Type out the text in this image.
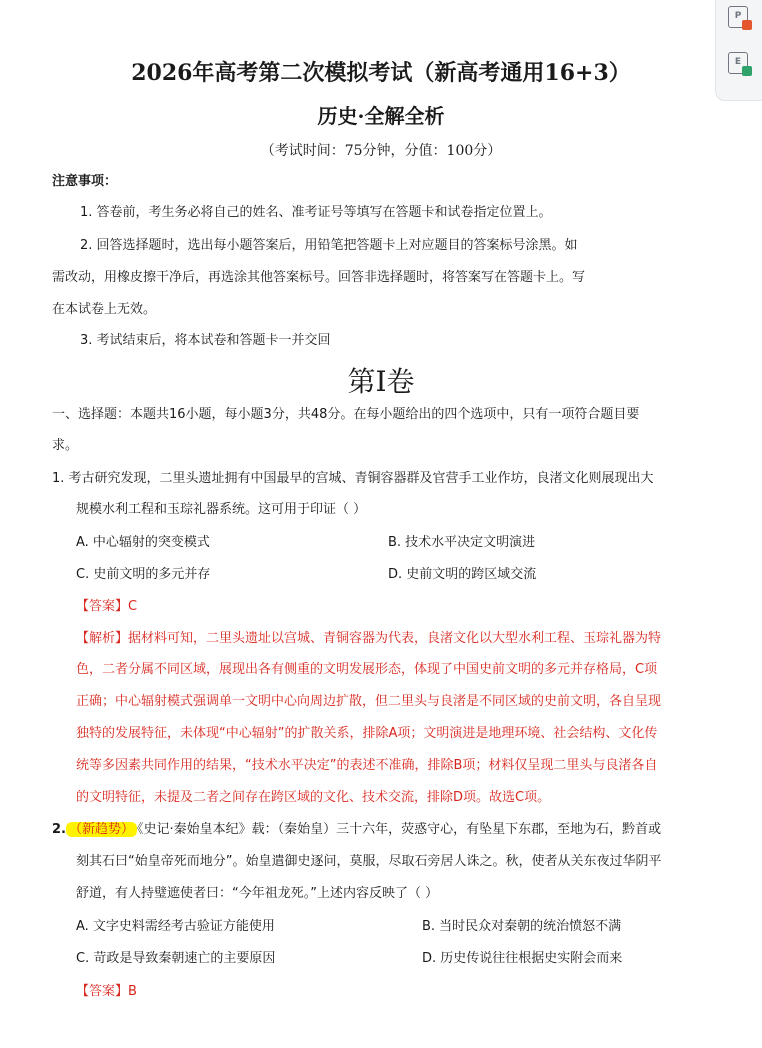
P
E
2026年高考第二次模拟考试（新高考通用16+3）
历史·全解全析
（考试时间：75分钟，分值：100分）
注意事项：
1. 答卷前，考生务必将自己的姓名、准考证号等填写在答题卡和试卷指定位置上。
2. 回答选择题时，选出每小题答案后，用铅笔把答题卡上对应题目的答案标号涂黑。如
需改动，用橡皮擦干净后，再选涂其他答案标号。回答非选择题时，将答案写在答题卡上。写
在本试卷上无效。
3. 考试结束后，将本试卷和答题卡一并交回
第Ⅰ卷
一、选择题：本题共16小题，每小题3分，共48分。在每小题给出的四个选项中，只有一项符合题目要
求。
1. 考古研究发现，二里头遗址拥有中国最早的宫城、青铜容器群及官营手工业作坊，良渚文化则展现出大
规模水利工程和玉琮礼器系统。这可用于印证（ ）
A. 中心辐射的突变模式	B. 技术水平决定文明演进
C. 史前文明的多元并存	D. 史前文明的跨区域交流
【答案】C
【解析】据材料可知，二里头遗址以宫城、青铜容器为代表，良渚文化以大型水利工程、玉琮礼器为特
色，二者分属不同区域，展现出各有侧重的文明发展形态，体现了中国史前文明的多元并存格局，C项
正确；中心辐射模式强调单一文明中心向周边扩散，但二里头与良渚是不同区域的史前文明，各自呈现
独特的发展特征，未体现“中心辐射”的扩散关系，排除A项；文明演进是地理环境、社会结构、文化传
统等多因素共同作用的结果，“技术水平决定”的表述不准确，排除B项；材料仅呈现二里头与良渚各自
的文明特征，未提及二者之间存在跨区域的文化、技术交流，排除D项。故选C项。
2. （新趋势） 《史记·秦始皇本纪》载：（秦始皇）三十六年，荧惑守心，有坠星下东郡，至地为石，黔首或
刻其石曰“始皇帝死而地分”。始皇遣御史逐问，莫服，尽取石旁居人诛之。秋，使者从关东夜过华阴平
舒道，有人持璧遮使者曰：“今年祖龙死。”上述内容反映了（ ）
A. 文字史料需经考古验证方能使用	B. 当时民众对秦朝的统治愤怒不满
C. 苛政是导致秦朝速亡的主要原因	D. 历史传说往往根据史实附会而来
【答案】B
